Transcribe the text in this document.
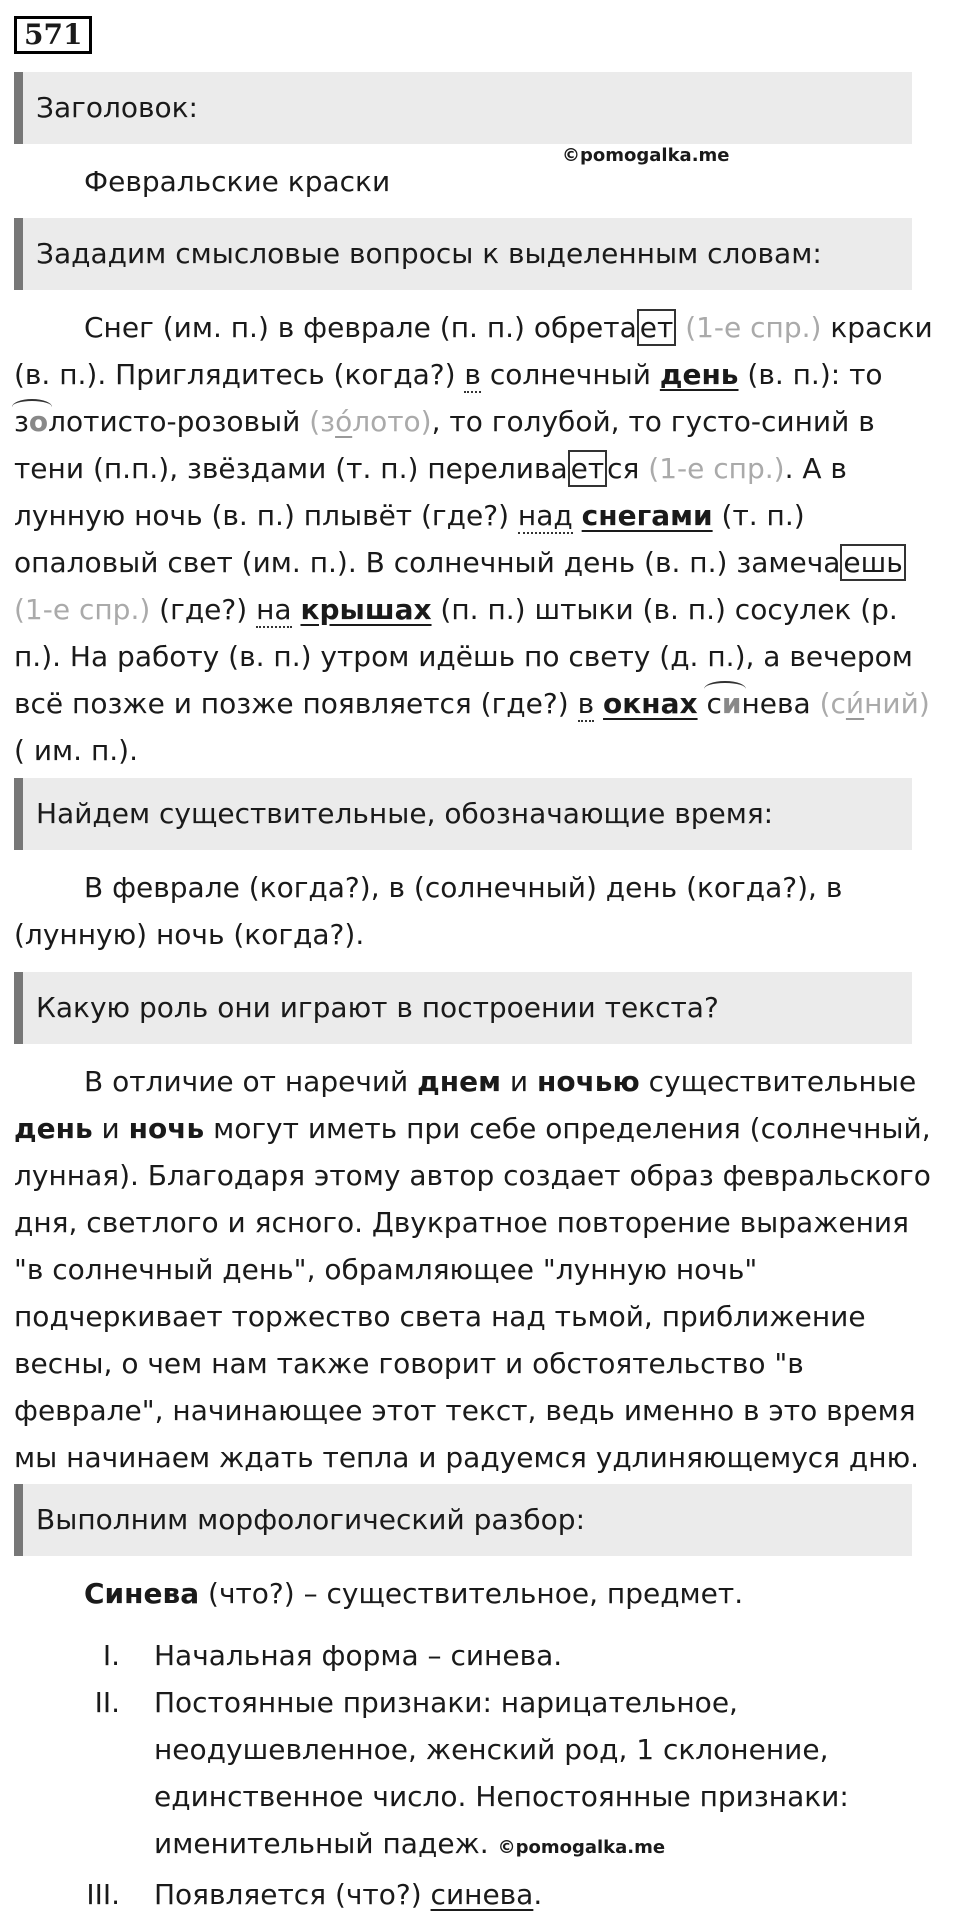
571
Заголовок:

Февральские краски

©pomogalka.me
Зададим смысловые вопросы к выделенным словам:
Снег (им. п.) в феврале (п. п.) обрета ет (1-е спр.) краски
(в. п.). Приглядитесь (когда?) в солнечный день (в. п.): то
золотисто-розовый (зо́лото), то голубой, то густо-синий в
тени (п.п.), звёздами (т. п.) перелива ет ся (1-е спр.). А в
лунную ночь (в. п.) плывёт (где?) над снегами (т. п.)
опаловый свет (им. п.). В солнечный день (в. п.) замеча ешь
(1-е спр.) (где?) на крышах (п. п.) штыки (в. п.) сосулек (р.
п.). На работу (в. п.) утром идёшь по свету (д. п.), а вечером
всё позже и позже появляется (где?) в окнах синева (си́ний)
( им. п.).
Найдем существительные, обозначающие время:
В феврале (когда?), в (солнечный) день (когда?), в
(лунную) ночь (когда?).
Какую роль они играют в построении текста?
В отличие от наречий днем и ночью существительные
день и ночь могут иметь при себе определения (солнечный,
лунная). Благодаря этому автор создает образ февральского
дня, светлого и ясного. Двукратное повторение выражения
"в солнечный день", обрамляющее "лунную ночь"
подчеркивает торжество света над тьмой, приближение
весны, о чем нам также говорит и обстоятельство "в
феврале", начинающее этот текст, ведь именно в это время
мы начинаем ждать тепла и радуемся удлиняющемуся дню.
Выполним морфологический разбор:
Синева (что?) – существительное, предмет.
I. Начальная форма – синева.
II. Постоянные признаки: нарицательное,
неодушевленное, женский род, 1 склонение,
единственное число. Непостоянные признаки:
именительный падеж. ©pomogalka.me
III. Появляется (что?) синева.
